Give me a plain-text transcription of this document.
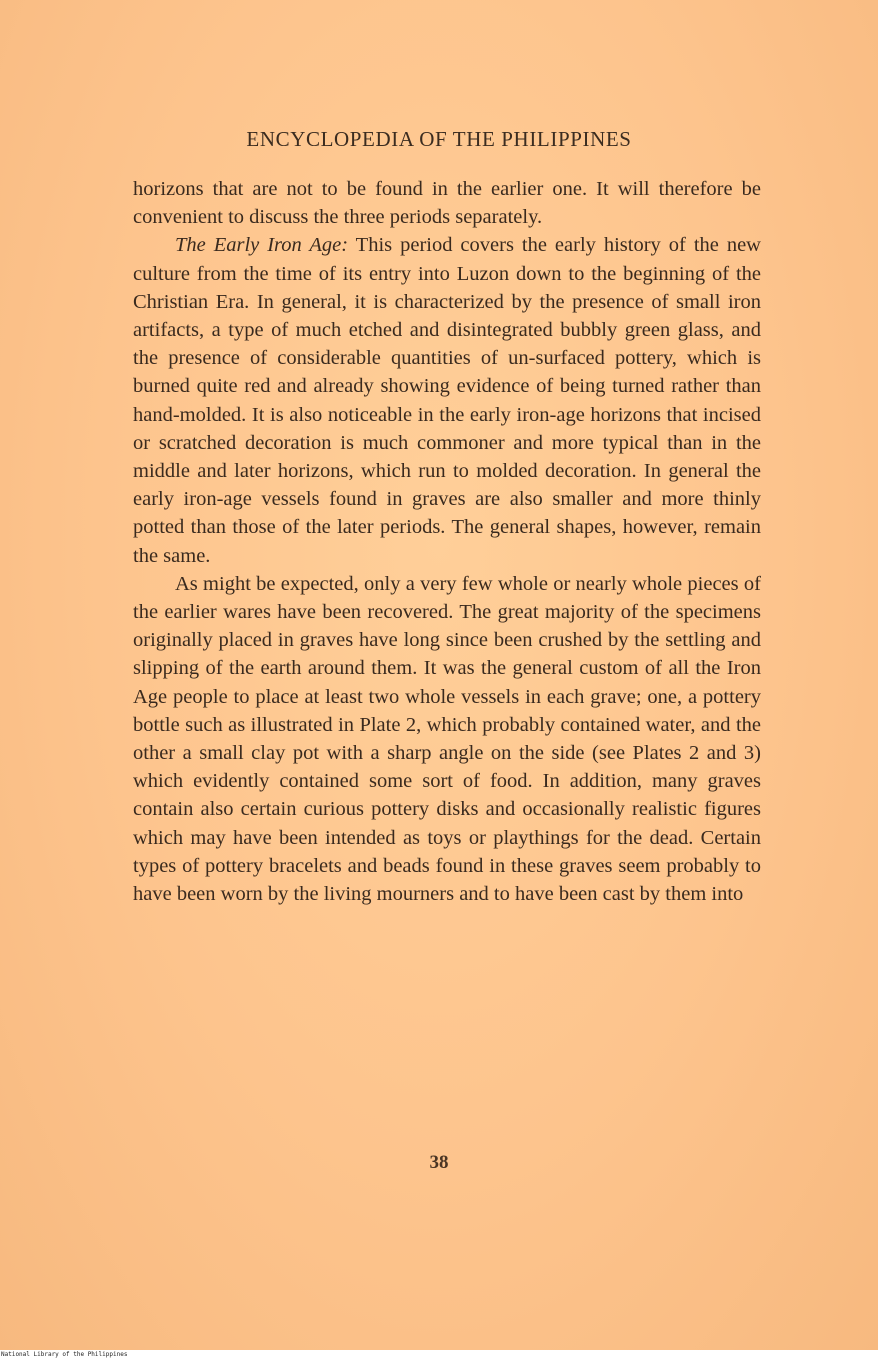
ENCYCLOPEDIA OF THE PHILIPPINES

horizons that are not to be found in the earlier one. It will therefore be convenient to discuss the three periods separately.

The Early Iron Age: This period covers the early history of the new culture from the time of its entry into Luzon down to the beginning of the Christian Era. In general, it is characterized by the presence of small iron artifacts, a type of much etched and disintegrated bubbly green glass, and the presence of considerable quantities of un-surfaced pottery, which is burned quite red and already showing evidence of being turned rather than hand-molded. It is also noticeable in the early iron-age horizons that incised or scratched decoration is much commoner and more typical than in the middle and later horizons, which run to molded decoration. In general the early iron-age vessels found in graves are also smaller and more thinly potted than those of the later periods. The general shapes, however, remain the same.

As might be expected, only a very few whole or nearly whole pieces of the earlier wares have been recovered. The great majority of the specimens originally placed in graves have long since been crushed by the settling and slipping of the earth around them. It was the general custom of all the Iron Age people to place at least two whole vessels in each grave; one, a pottery bottle such as illustrated in Plate 2, which probably contained water, and the other a small clay pot with a sharp angle on the side (see Plates 2 and 3) which evidently contained some sort of food. In addition, many graves contain also certain curious pottery disks and occasionally realistic figures which may have been intended as toys or playthings for the dead. Certain types of pottery bracelets and beads found in these graves seem probably to have been worn by the living mourners and to have been cast by them into

38
National Library of the Philippines
